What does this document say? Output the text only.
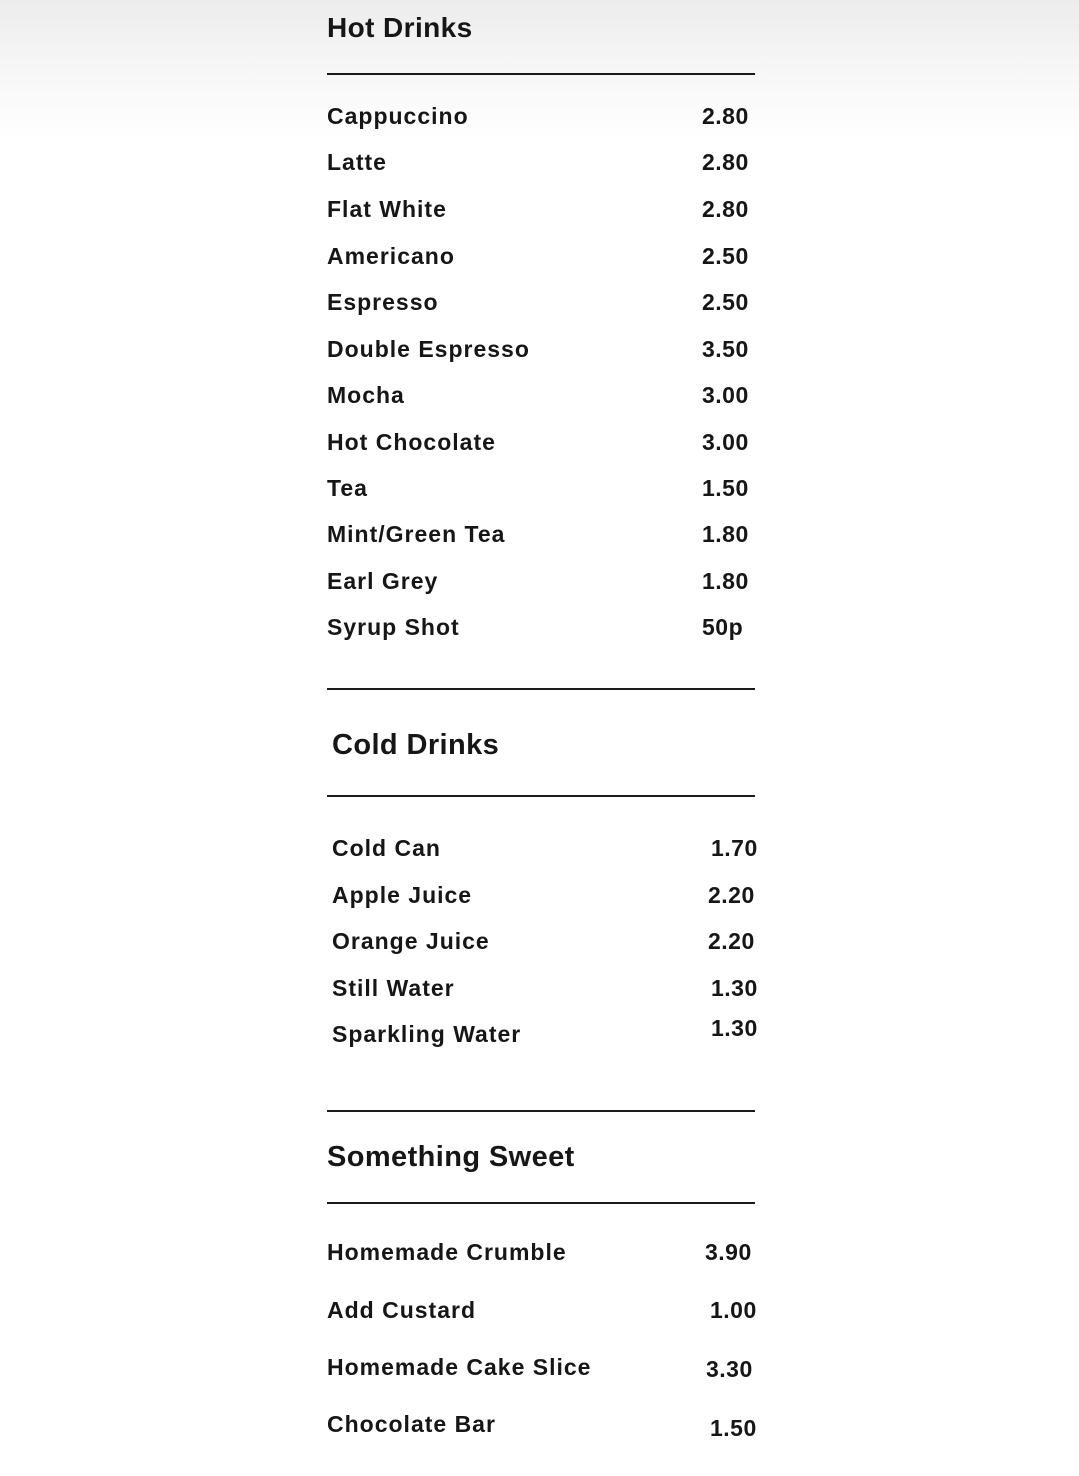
Hot Drinks
Cappuccino	2.80
Latte	2.80
Flat White	2.80
Americano	2.50
Espresso	2.50
Double Espresso	3.50
Mocha	3.00
Hot Chocolate	3.00
Tea	1.50
Mint/Green Tea	1.80
Earl Grey	1.80
Syrup Shot	50p
Cold Drinks
Cold Can	1.70
Apple Juice	2.20
Orange Juice	2.20
Still Water	1.30
Sparkling Water	1.30
Something Sweet
Homemade Crumble	3.90
Add Custard	1.00
Homemade Cake Slice	3.30
Chocolate Bar	1.50
